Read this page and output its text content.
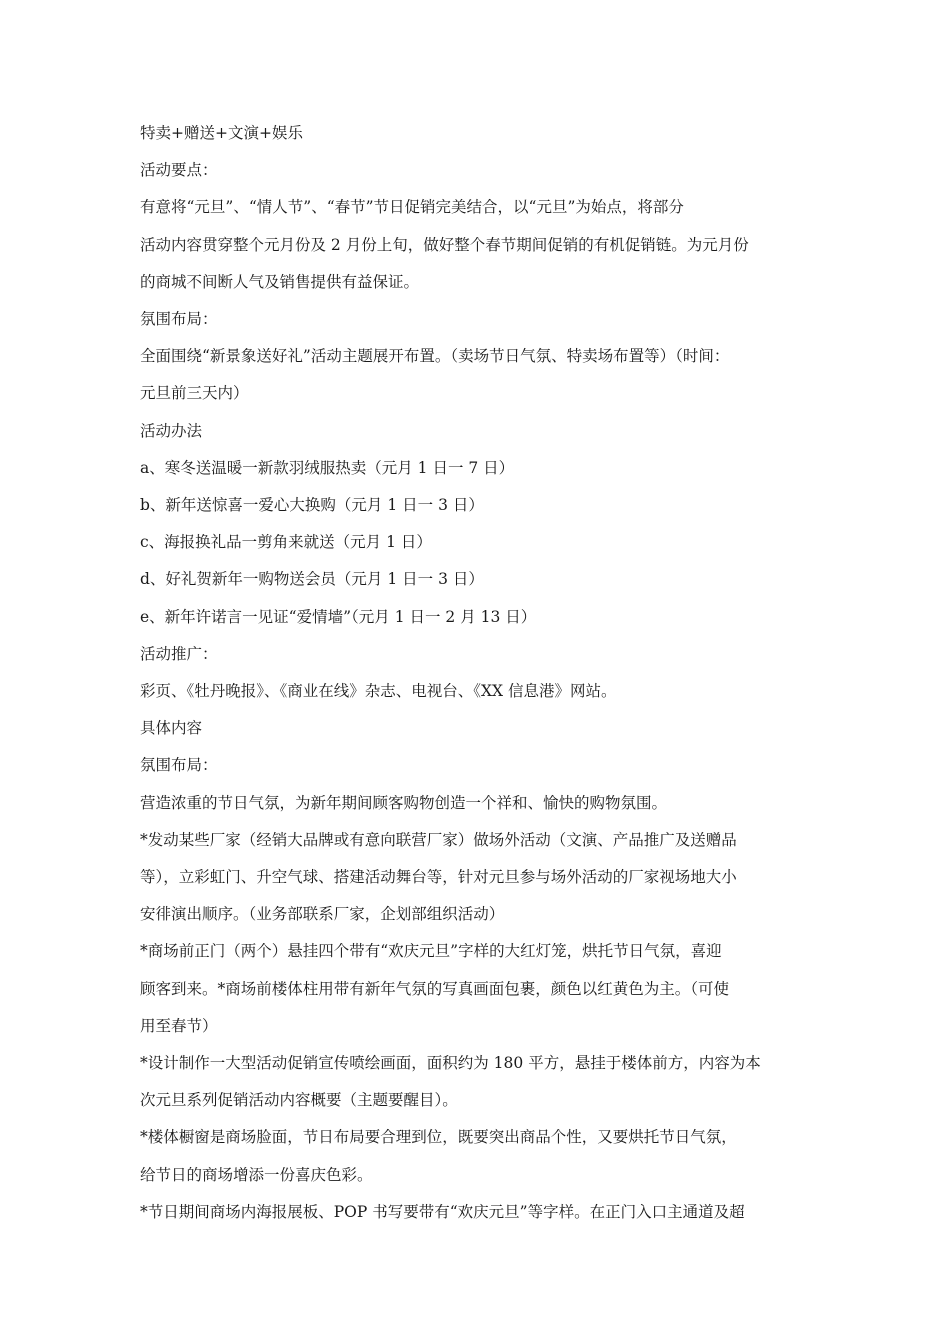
特卖+赠送+文演+娱乐

活动要点：

有意将“元旦”、“情人节”、“春节”节日促销完美结合，以“元旦”为始点，将部分

活动内容贯穿整个元月份及 2 月份上旬，做好整个春节期间促销的有机促销链。为元月份

的商城不间断人气及销售提供有益保证。

氛围布局：

全面围绕“新景象送好礼”活动主题展开布置。（卖场节日气氛、特卖场布置等）（时间：

元旦前三天内）

活动办法

a、寒冬送温暖一新款羽绒服热卖（元月 1 日一 7 日）

b、新年送惊喜一爱心大换购（元月 1 日一 3 日）

c、海报换礼品一剪角来就送（元月 1 日）

d、好礼贺新年一购物送会员（元月 1 日一 3 日）

e、新年许诺言一见证“爱情墙”（元月 1 日一 2 月 13 日）

活动推广：

彩页、《牡丹晚报》、《商业在线》杂志、电视台、《XX 信息港》网站。

具体内容

氛围布局：

营造浓重的节日气氛，为新年期间顾客购物创造一个祥和、愉快的购物氛围。

*发动某些厂家（经销大品牌或有意向联营厂家）做场外活动（文演、产品推广及送赠品

等），立彩虹门、升空气球、搭建活动舞台等，针对元旦参与场外活动的厂家视场地大小

安徘演出顺序。（业务部联系厂家，企划部组织活动）

*商场前正门（两个）悬挂四个带有“欢庆元旦”字样的大红灯笼，烘托节日气氛，喜迎

顾客到来。*商场前楼体柱用带有新年气氛的写真画面包裹，颜色以红黄色为主。（可使

用至春节）

*设计制作一大型活动促销宣传喷绘画面，面积约为 180 平方，悬挂于楼体前方，内容为本

次元旦系列促销活动内容概要（主题要醒目）。

*楼体橱窗是商场脸面，节日布局要合理到位，既要突出商品个性，又要烘托节日气氛，

给节日的商场增添一份喜庆色彩。

*节日期间商场内海报展板、POP 书写要带有“欢庆元旦”等字样。在正门入口主通道及超
